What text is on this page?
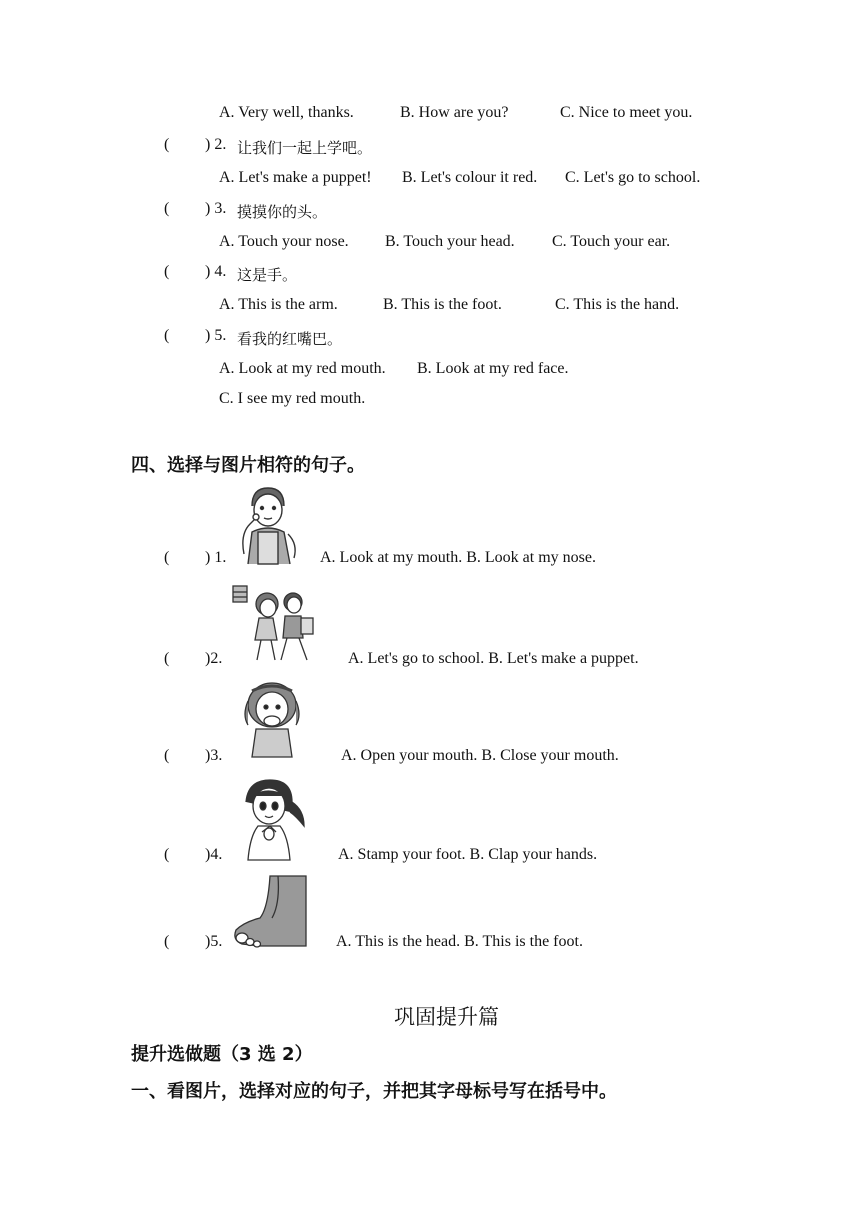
A. Very well, thanks.	B. How are you?	C. Nice to meet you.
( ) 2. 让我们一起上学吧。
A. Let's make a puppet! B. Let's colour it red. C. Let's go to school.
( ) 3. 摸摸你的头。
A. Touch your nose. B. Touch your head. C. Touch your ear.
( ) 4. 这是手。
A. This is the arm.	B. This is the foot.	C. This is the hand.
( ) 5. 看我的红嘴巴。
A. Look at my red mouth. B. Look at my red face.
C. I see my red mouth.
四、选择与图片相符的句子。
( ) 1.	A. Look at my mouth. B. Look at my nose.
( )2.	A. Let's go to school. B. Let's make a puppet.
( )3.	A. Open your mouth. B. Close your mouth.
( )4.	A. Stamp your foot. B. Clap your hands.
( )5.	A. This is the head. B. This is the foot.
巩固提升篇
提升选做题（3 选 2）
一、看图片，选择对应的句子，并把其字母标号写在括号中。
